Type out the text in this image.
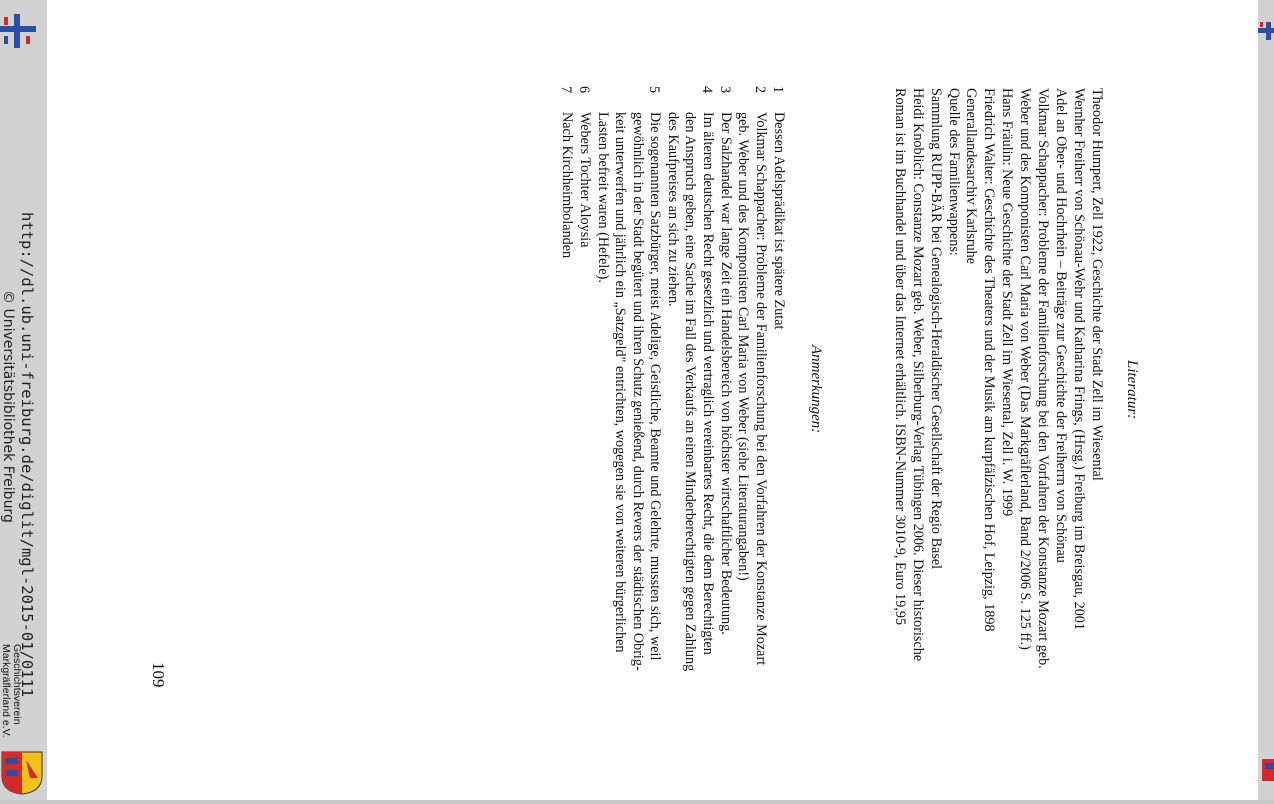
Literatur:
Theodor Humpert, Zell 1922, Geschichte der Stadt Zell im Wiesental
Wernher Freiherr von Schönau-Wehr und Katharina Frings, (Hrsg.) Freiburg im Breisgau, 2001
Adel an Ober- und Hochrhein – Beiträge zur Geschichte der Freiherrn von Schönau
Volkmar Schappacher: Probleme der Familienforschung bei den Vorfahren der Konstanze Mozart geb.
Weber und des Komponisten Carl Maria von Weber (Das Markgräflerland, Band 2/2006 S. 125 ff.)
Hans Fräulin: Neue Geschichte der Stadt Zell im Wiesental, Zell i. W. 1999
Friedrich Walter: Geschichte des Theaters und der Musik am kurpfälzischen Hof, Leipzig, 1898
Generallandesarchiv Karlsruhe
Quelle des Familienwappens:
Sammlung RUPP-BÄR bei Genealogisch-Heraldischer Gesellschaft der Regio Basel
Heidi Knoblich: Constanze Mozart geb. Weber, Silberburg-Verlag Tübingen 2006. Dieser historische
Roman ist im Buchhandel und über das Internet erhältlich. ISBN-Nummer 3010-9, Euro 19,95
Anmerkungen:
1
2
3
4
5
6
7
Dessen Adelsprädikat ist spätere Zutat
Volkmar Schappacher: Probleme der Familienforschung bei den Vorfahren der Konstanze Mozart
geb. Weber und des Komponisten Carl Maria von Weber (siehe Literaturangaben!)
Der Salzhandel war lange Zeit ein Handelsbereich von höchster wirtschaftlicher Bedeutung.
Im älteren deutschen Recht gesetzlich und vertraglich vereinbartes Recht, die dem Berechtigten
den Anspruch geben, eine Sache im Fall des Verkaufs an einen Minderberechtigten gegen Zahlung
des Kaufpreises an sich zu ziehen.
Die sogenannten Satzbürger, meist Adelige, Geistliche, Beamte und Gelehrte, mussten sich, weil
gewöhnlich in der Stadt begütert und ihren Schutz genießend, durch Revers der städtischen Obrig-
keit unterwerfen und jährlich ein „Satzgeld" entrichten, wogegen sie von weiteren bürgerlichen
Lasten befreit waren (Hefele).
Webers Tochter Aloysia
Nach Kirchheimbolanden
109
http://dl.ub.uni-freiburg.de/diglit/mgl-2015-01/0111
© Universitätsbibliothek Freiburg
Geschichtsverein
Markgräflerland e.V.
